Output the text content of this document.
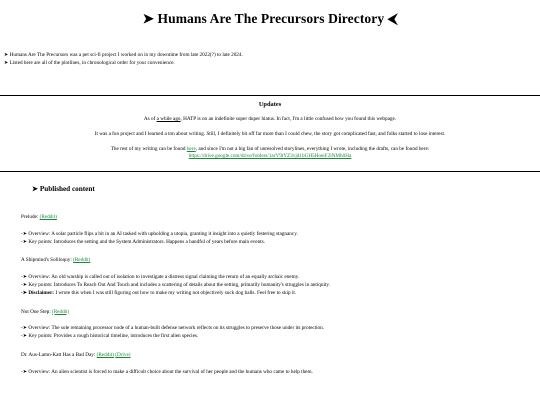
➤ Humans Are The Precursors Directory ⮜
➤ Humans Are The Precursors was a pet sci-fi project I worked on in my downtime from late 2022(?) to late 2024.
➤ Listed here are all of the plotlines, in chronological order for your convenience.
Updates
As of a while ago, HATP is on an indefinite super duper hiatus. In fact, I'm a little confused how you found this webpage.
It was a fun project and I learned a ton about writing. Still, I definitely bit off far more than I could chew, the story got complicated fast, and folks started to lose interest.
The rest of my writing can be found here, and since I'm not a big fan of unresolved storylines, everything I wrote, including the drafts, can be found here:
https://drive.google.com/drive/folders/1arV9tYZ3vjd1bGH5HoeiF2lNMh0Ha
➤ Published content
Prelude: (Reddit)
-➤ Overview: A solar particle flips a bit in an AI tasked with upholding a utopia, granting it insight into a quietly festering stagnancy.
-➤ Key points: Introduces the setting and the System Administrators. Happens a handful of years before main events.
A Shipmind's Soliloquy: (Reddit)
-➤ Overview: An old warship is called out of isolation to investigate a distress signal claiming the return of an equally archaic enemy.
-➤ Key points: Introduces To Reach Out And Touch and includes a scattering of details about the setting, primarily humanity's struggles in antiquity.
-➤ Disclaimer: I wrote this when I was still figuring out how to make my writing not objectively suck dog balls. Feel free to skip it.
Not One Step: (Reddit)
-➤ Overview: The sole remaining processor node of a human-built defense network reflects on its struggles to preserve those under its protection.
-➤ Key points: Provides a rough historical timeline, introduces the first alien species.
Dr. Aus-Lamn-Katt Has a Bad Day: (Reddit) (Drive)
-➤ Overview: An alien scientist is forced to make a difficult choice about the survival of her people and the humans who came to help them.
